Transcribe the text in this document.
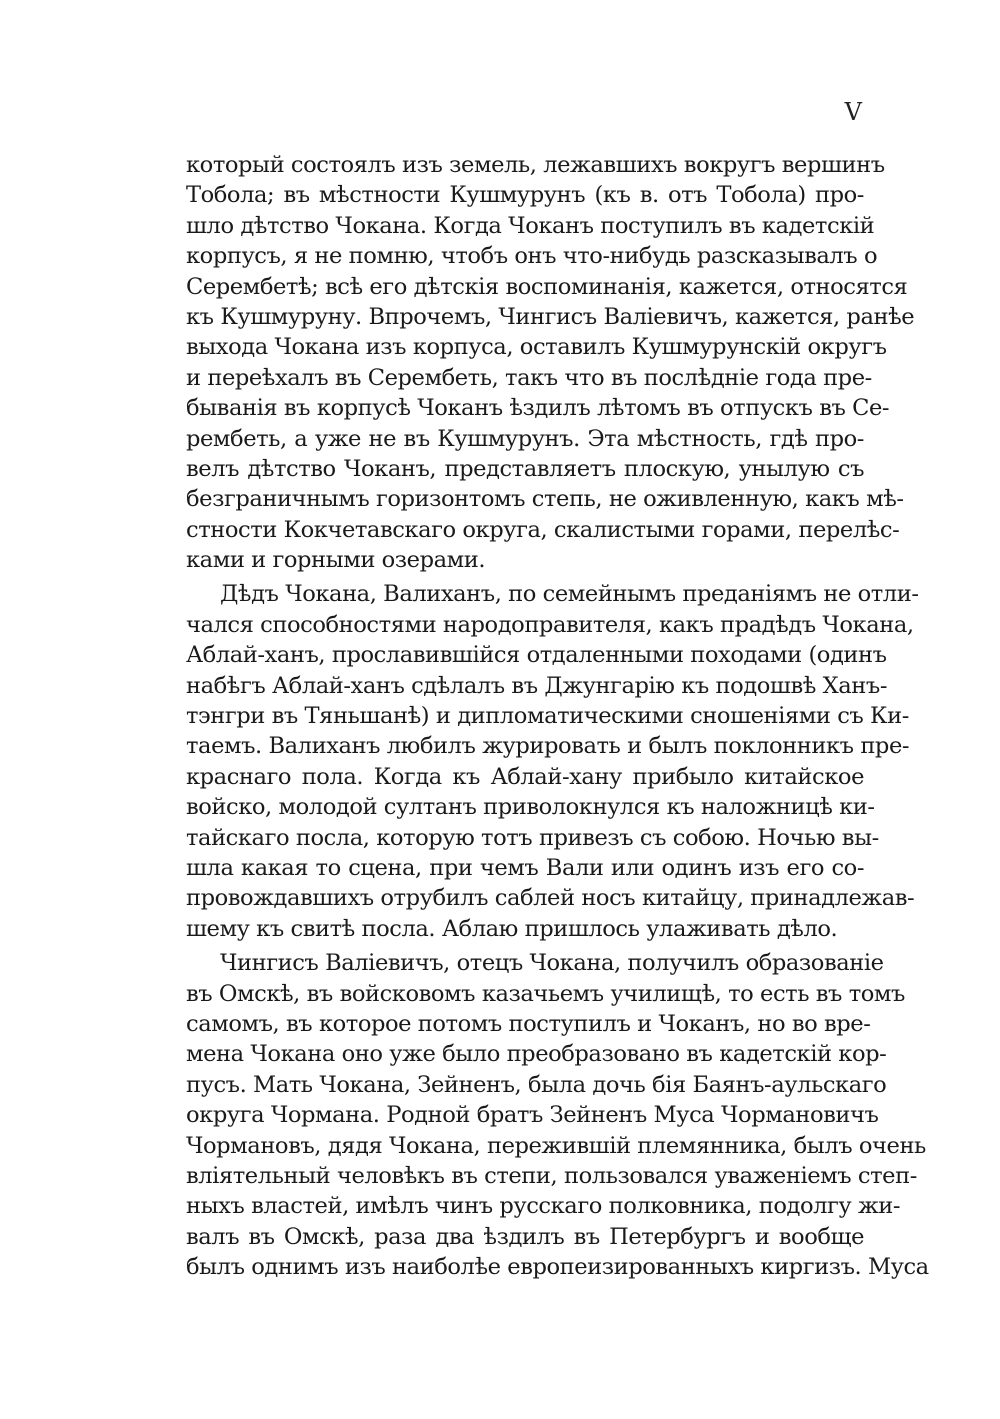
V
который состоялъ изъ земель, лежавшихъ вокругъ вершинъ
Тобола; въ мѣстности Кушмурунъ (къ в. отъ Тобола) про-
шло дѣтство Чокана. Когда Чоканъ поступилъ въ кадетскій
корпусъ, я не помню, чтобъ онъ что-нибудь разсказывалъ о
Серембетѣ; всѣ его дѣтскія воспоминанія, кажется, относятся
къ Кушмуруну. Впрочемъ, Чингисъ Валіевичъ, кажется, ранѣе
выхода Чокана изъ корпуса, оставилъ Кушмурунскій округъ
и переѣхалъ въ Серембеть, такъ что въ послѣдніе года пре-
быванія въ корпусѣ Чоканъ ѣздилъ лѣтомъ въ отпускъ въ Се-
рембеть, а уже не въ Кушмурунъ. Эта мѣстность, гдѣ про-
велъ дѣтство Чоканъ, представляетъ плоскую, унылую съ
безграничнымъ горизонтомъ степь, не оживленную, какъ мѣ-
стности Кокчетавскаго округа, скалистыми горами, перелѣс-
ками и горными озерами.
Дѣдъ Чокана, Валиханъ, по семейнымъ преданіямъ не отли-
чался способностями народоправителя, какъ прадѣдъ Чокана,
Аблай-ханъ, прославившійся отдаленными походами (одинъ
набѣгъ Аблай-ханъ сдѣлалъ въ Джунгарію къ подошвѣ Ханъ-
тэнгри въ Тяньшанѣ) и дипломатическими сношеніями съ Ки-
таемъ. Валиханъ любилъ журировать и былъ поклонникъ пре-
краснаго пола. Когда къ Аблай-хану прибыло китайское
войско, молодой султанъ приволокнулся къ наложницѣ ки-
тайскаго посла, которую тотъ привезъ съ собою. Ночью вы-
шла какая то сцена, при чемъ Вали или одинъ изъ его со-
провождавшихъ отрубилъ саблей носъ китайцу, принадлежав-
шему къ свитѣ посла. Аблаю пришлось улаживать дѣло.
Чингисъ Валіевичъ, отецъ Чокана, получилъ образованіе
въ Омскѣ, въ войсковомъ казачьемъ училищѣ, то есть въ томъ
самомъ, въ которое потомъ поступилъ и Чоканъ, но во вре-
мена Чокана оно уже было преобразовано въ кадетскій кор-
пусъ. Мать Чокана, Зейненъ, была дочь бія Баянъ-аульскаго
округа Чормана. Родной братъ Зейненъ Муса Чормановичъ
Чормановъ, дядя Чокана, пережившій племянника, былъ очень
вліятельный человѣкъ въ степи, пользовался уваженіемъ степ-
ныхъ властей, имѣлъ чинъ русскаго полковника, подолгу жи-
валъ въ Омскѣ, раза два ѣздилъ въ Петербургъ и вообще
былъ однимъ изъ наиболѣе европеизированныхъ киргизъ. Муса
